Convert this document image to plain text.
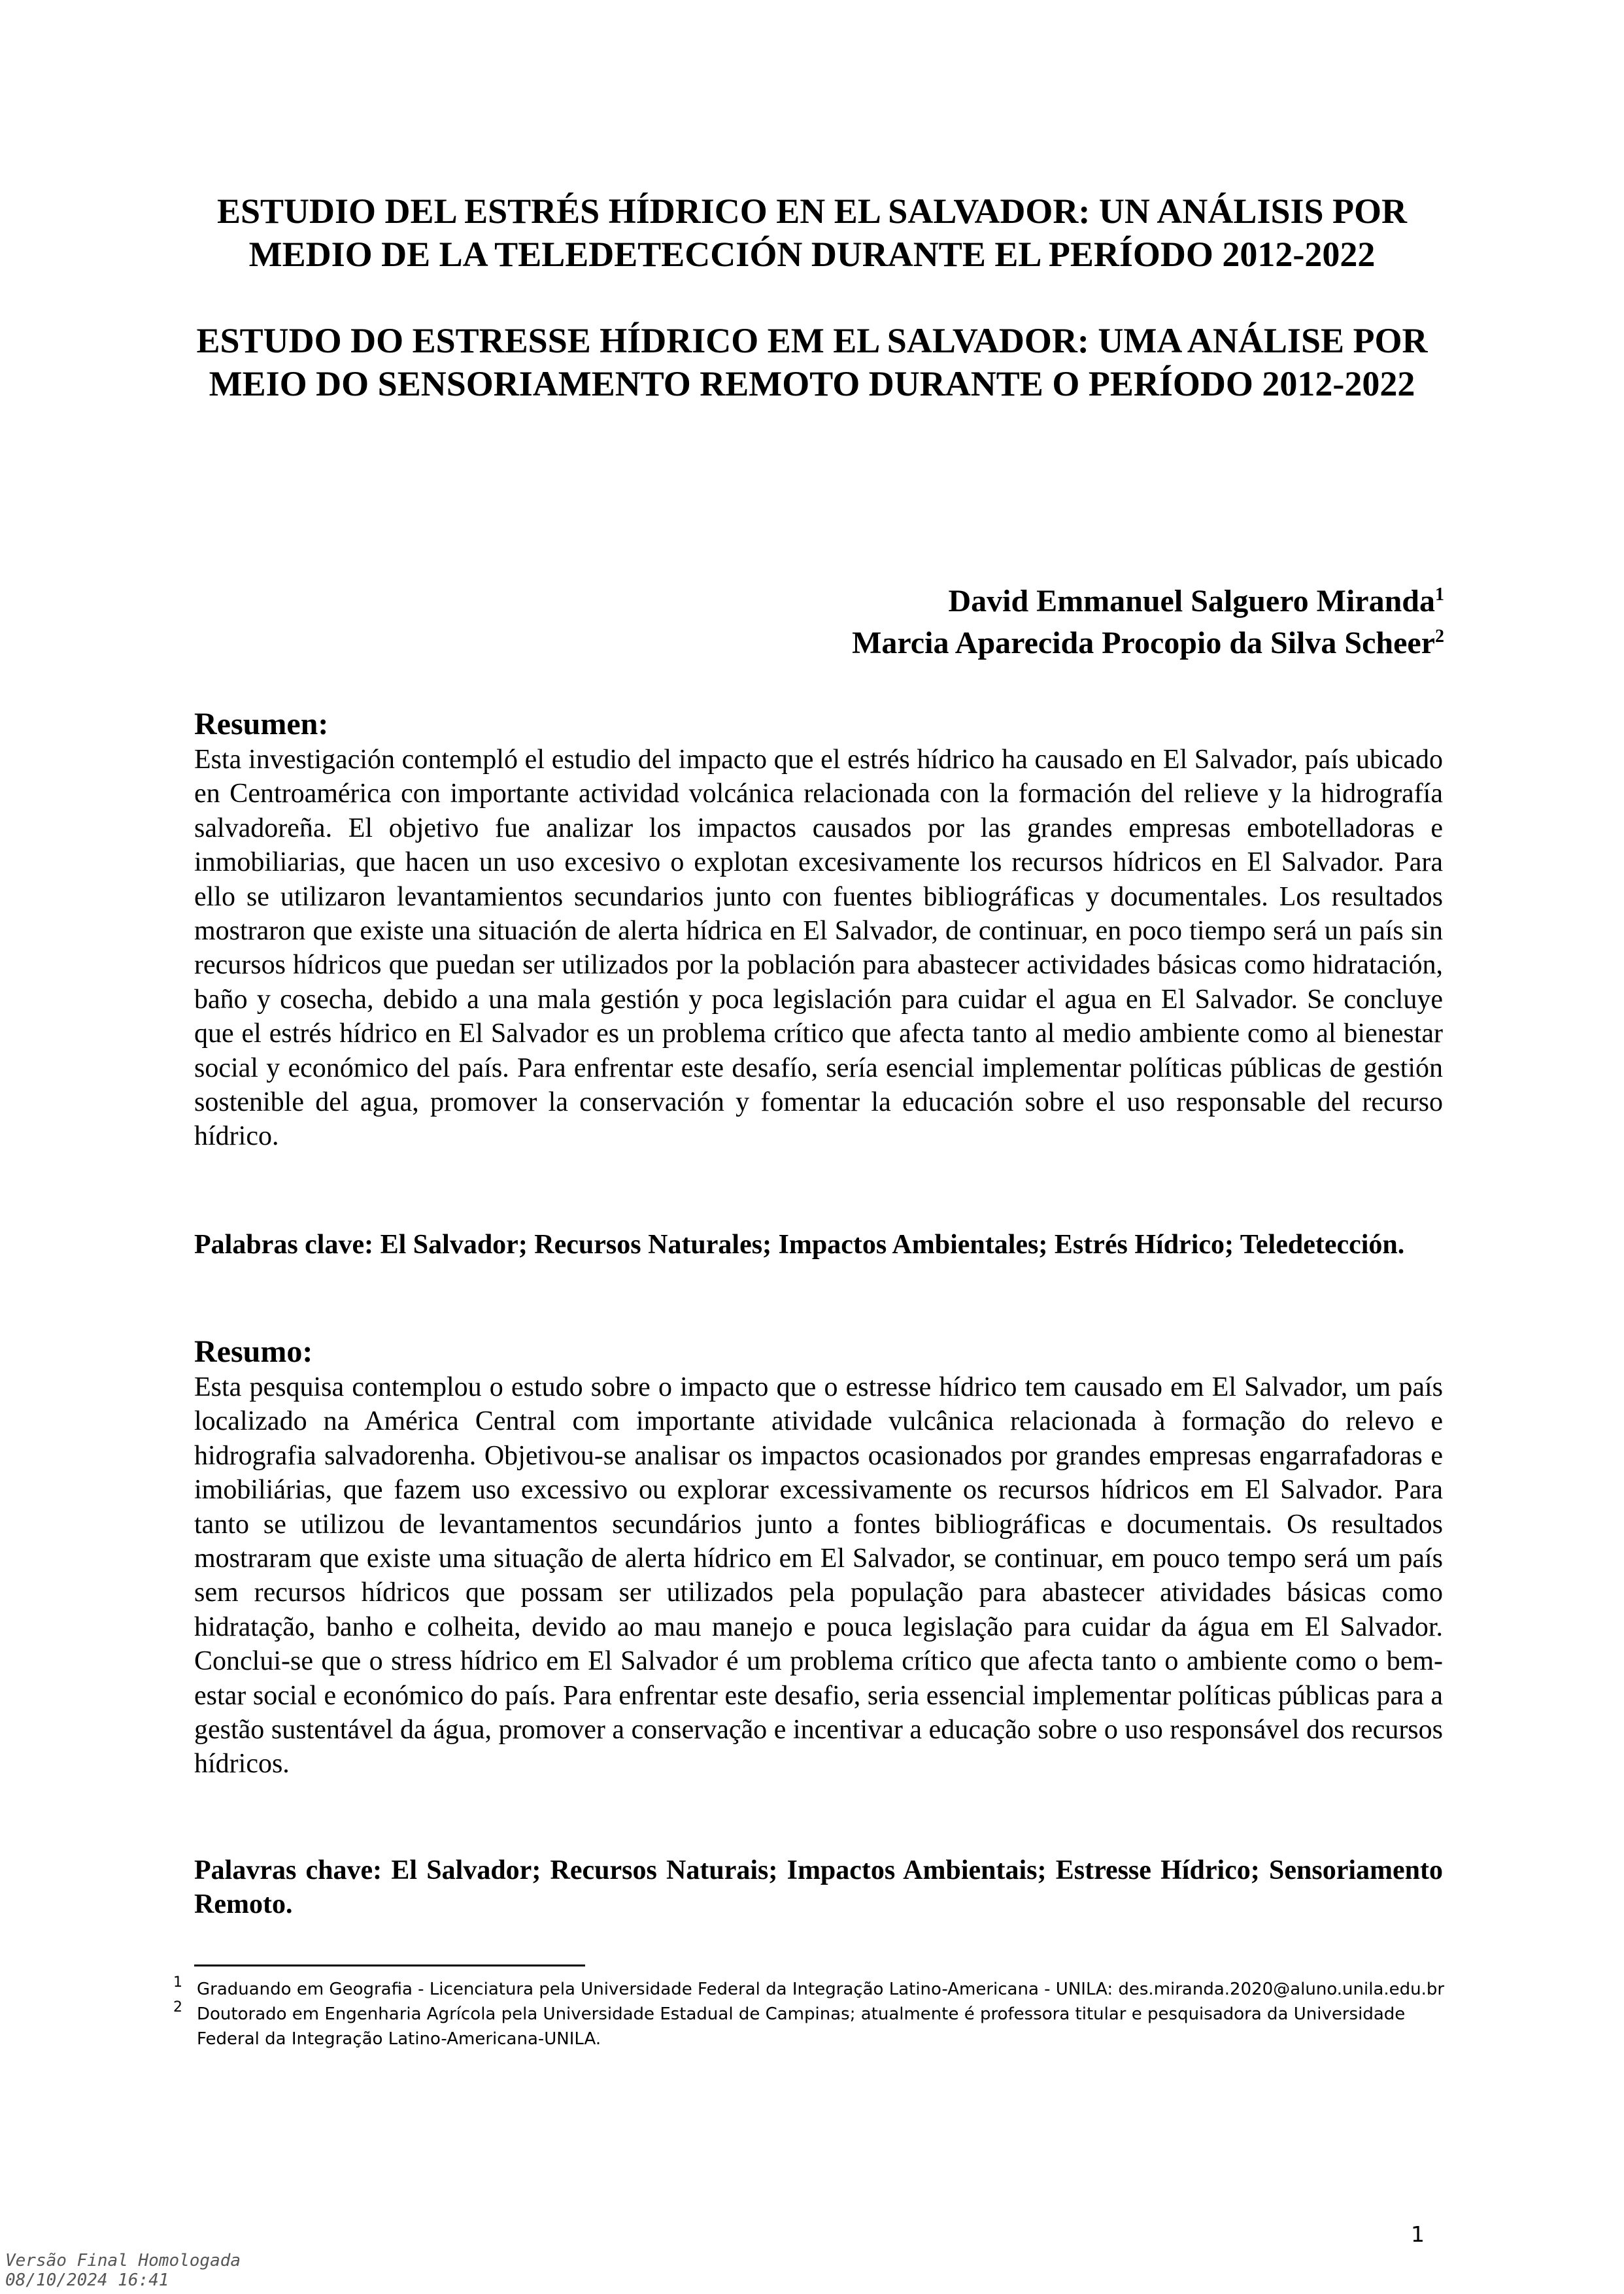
ESTUDIO DEL ESTRÉS HÍDRICO EN EL SALVADOR: UN ANÁLISIS POR MEDIO DE LA TELEDETECCIÓN DURANTE EL PERÍODO 2012-2022

ESTUDO DO ESTRESSE HÍDRICO EM EL SALVADOR: UMA ANÁLISE POR MEIO DO SENSORIAMENTO REMOTO DURANTE O PERÍODO 2012-2022

David Emmanuel Salguero Miranda$^1$
Marcia Aparecida Procopio da Silva Scheer$^2$
Resumen:

Esta investigación contempló el estudio del impacto que el estrés hídrico ha causado en El Salvador, país ubicado en Centroamérica con importante actividad volcánica relacionada con la formación del relieve y la hidrografía salvadoreña. El objetivo fue analizar los impactos causados por las grandes empresas embotelladoras e inmobiliarias, que hacen un uso excesivo o explotan excesivamente los recursos hídricos en El Salvador. Para ello se utilizaron levantamientos secundarios junto con fuentes bibliográficas y documentales. Los resultados mostraron que existe una situación de alerta hídrica en El Salvador, de continuar, en poco tiempo será un país sin recursos hídricos que puedan ser utilizados por la población para abastecer actividades básicas como hidratación, baño y cosecha, debido a una mala gestión y poca legislación para cuidar el agua en El Salvador. Se concluye que el estrés hídrico en El Salvador es un problema crítico que afecta tanto al medio ambiente como al bienestar social y económico del país. Para enfrentar este desafío, sería esencial implementar políticas públicas de gestión sostenible del agua, promover la conservación y fomentar la educación sobre el uso responsable del recurso hídrico.

Palabras clave: El Salvador; Recursos Naturales; Impactos Ambientales; Estrés Hídrico; Teledetección.

Resumo:

Esta pesquisa contemplou o estudo sobre o impacto que o estresse hídrico tem causado em El Salvador, um país localizado na América Central com importante atividade vulcânica relacionada à formação do relevo e hidrografia salvadorenha. Objetivou-se analisar os impactos ocasionados por grandes empresas engarrafadoras e imobiliárias, que fazem uso excessivo ou explorar excessivamente os recursos hídricos em El Salvador. Para tanto se utilizou de levantamentos secundários junto a fontes bibliográficas e documentais. Os resultados mostraram que existe uma situação de alerta hídrico em El Salvador, se continuar, em pouco tempo será um país sem recursos hídricos que possam ser utilizados pela população para abastecer atividades básicas como hidratação, banho e colheita, devido ao mau manejo e pouca legislação para cuidar da água em El Salvador. Conclui-se que o stress hídrico em El Salvador é um problema crítico que afecta tanto o ambiente como o bem-estar social e económico do país. Para enfrentar este desafio, seria essencial implementar políticas públicas para a gestão sustentável da água, promover a conservação e incentivar a educação sobre o uso responsável dos recursos hídricos.

Palavras chave: El Salvador; Recursos Naturais; Impactos Ambientais; Estresse Hídrico; Sensoriamento Remoto.

1 Graduando em Geografia - Licenciatura pela Universidade Federal da Integração Latino-Americana - UNILA: des.miranda.2020@aluno.unila.edu.br

2 Doutorado em Engenharia Agrícola pela Universidade Estadual de Campinas; atualmente é professora titular e pesquisadora da Universidade Federal da Integração Latino-Americana-UNILA.

1
Versão Final Homologada
08/10/2024 16:41
